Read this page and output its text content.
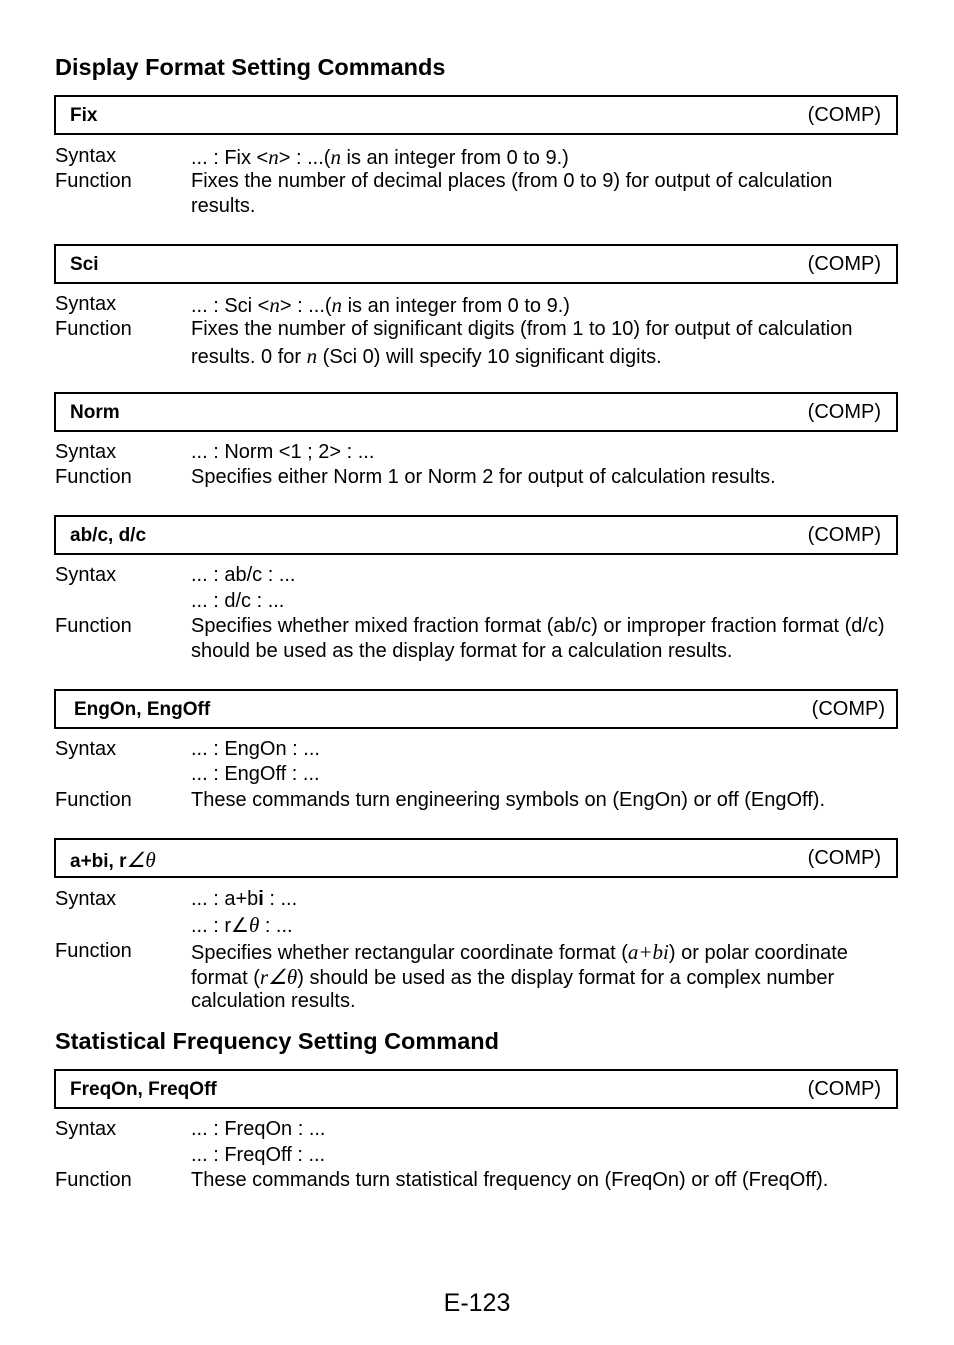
Display Format Setting Commands
Fix	(COMP)
Syntax	... : Fix <n> : ...(n is an integer from 0 to 9.)
Function	Fixes the number of decimal places (from 0 to 9) for output of calculation
results.
Sci	(COMP)
Syntax	... : Sci <n> : ...(n is an integer from 0 to 9.)
Function	Fixes the number of significant digits (from 1 to 10) for output of calculation
results. 0 for n (Sci 0) will specify 10 significant digits.
Norm	(COMP)
Syntax	... : Norm <1 ; 2> : ...
Function	Specifies either Norm 1 or Norm 2 for output of calculation results.
ab/c, d/c	(COMP)
Syntax	... : ab/c : ...
... : d/c : ...
Function	Specifies whether mixed fraction format (ab/c) or improper fraction format (d/c)
should be used as the display format for a calculation results.
EngOn, EngOff	(COMP)
Syntax	... : EngOn : ...
... : EngOff : ...
Function	These commands turn engineering symbols on (EngOn) or off (EngOff).
a+bi, r∠θ	(COMP)
Syntax	... : a+bi : ...
... : r∠θ : ...
Function	Specifies whether rectangular coordinate format (a+bi) or polar coordinate
format (r∠θ) should be used as the display format for a complex number
calculation results.
Statistical Frequency Setting Command
FreqOn, FreqOff	(COMP)
Syntax	... : FreqOn : ...
... : FreqOff : ...
Function	These commands turn statistical frequency on (FreqOn) or off (FreqOff).
E-123
